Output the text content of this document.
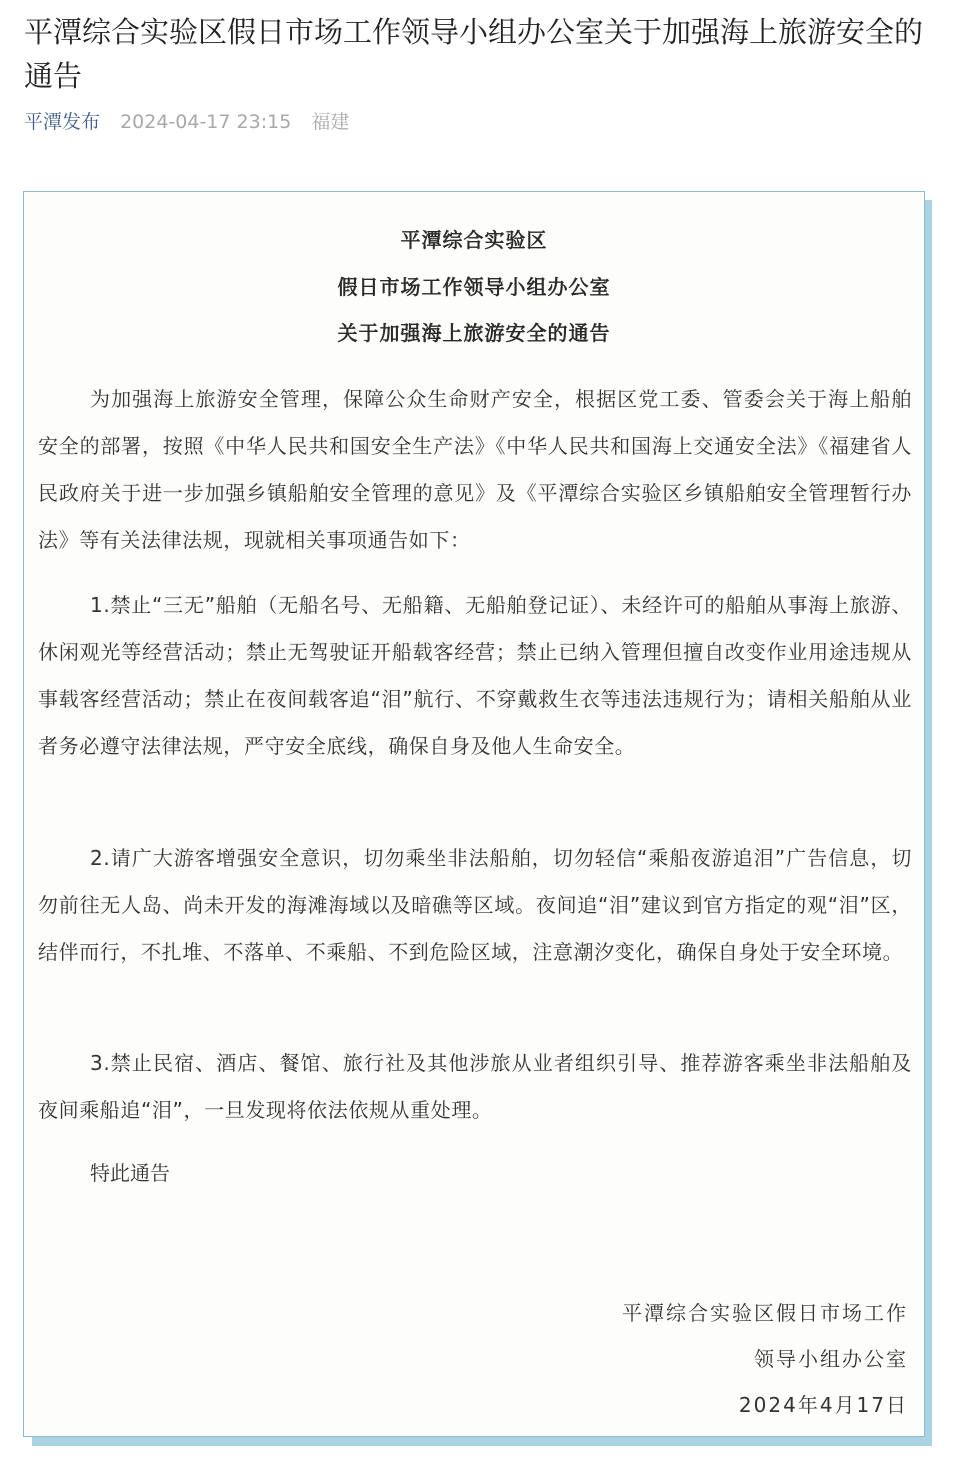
平潭综合实验区假日市场工作领导小组办公室关于加强海上旅游安全的通告
平潭发布 2024-04-17 23:15 福建
平潭综合实验区
假日市场工作领导小组办公室
关于加强海上旅游安全的通告

为加强海上旅游安全管理，保障公众生命财产安全，根据区党工委、管委会关于海上船舶安全的部署，按照《中华人民共和国安全生产法》《中华人民共和国海上交通安全法》《福建省人民政府关于进一步加强乡镇船舶安全管理的意见》及《平潭综合实验区乡镇船舶安全管理暂行办法》等有关法律法规，现就相关事项通告如下：

1.禁止“三无”船舶（无船名号、无船籍、无船舶登记证）、未经许可的船舶从事海上旅游、休闲观光等经营活动；禁止无驾驶证开船载客经营；禁止已纳入管理但擅自改变作业用途违规从事载客经营活动；禁止在夜间载客追“泪”航行、不穿戴救生衣等违法违规行为；请相关船舶从业者务必遵守法律法规，严守安全底线，确保自身及他人生命安全。

2.请广大游客增强安全意识，切勿乘坐非法船舶，切勿轻信“乘船夜游追泪”广告信息，切勿前往无人岛、尚未开发的海滩海域以及暗礁等区域。夜间追“泪”建议到官方指定的观“泪”区，结伴而行，不扎堆、不落单、不乘船、不到危险区域，注意潮汐变化，确保自身处于安全环境。

3.禁止民宿、酒店、餐馆、旅行社及其他涉旅从业者组织引导、推荐游客乘坐非法船舶及夜间乘船追“泪”，一旦发现将依法依规从重处理。

特此通告
平潭综合实验区假日市场工作
领导小组办公室
2024年4月17日
